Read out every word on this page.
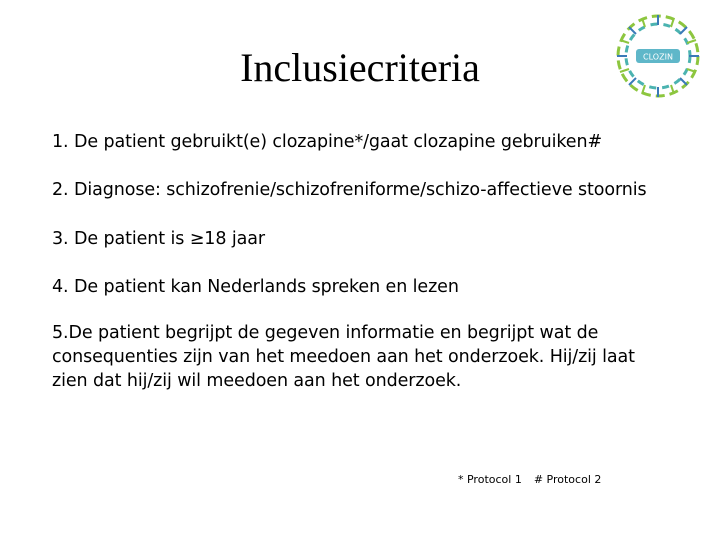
Inclusiecriteria	CLOZIN
1. De patient gebruikt(e) clozapine*/gaat clozapine gebruiken#
2. Diagnose: schizofrenie/schizofreniforme/schizo-affectieve stoornis
3. De patient is ≥18 jaar
4. De patient kan Nederlands spreken en lezen
5.De patient begrijpt de gegeven informatie en begrijpt wat de consequenties zijn van het meedoen aan het onderzoek. Hij/zij laat zien dat hij/zij wil meedoen aan het onderzoek.
* Protocol 1 # Protocol 2
